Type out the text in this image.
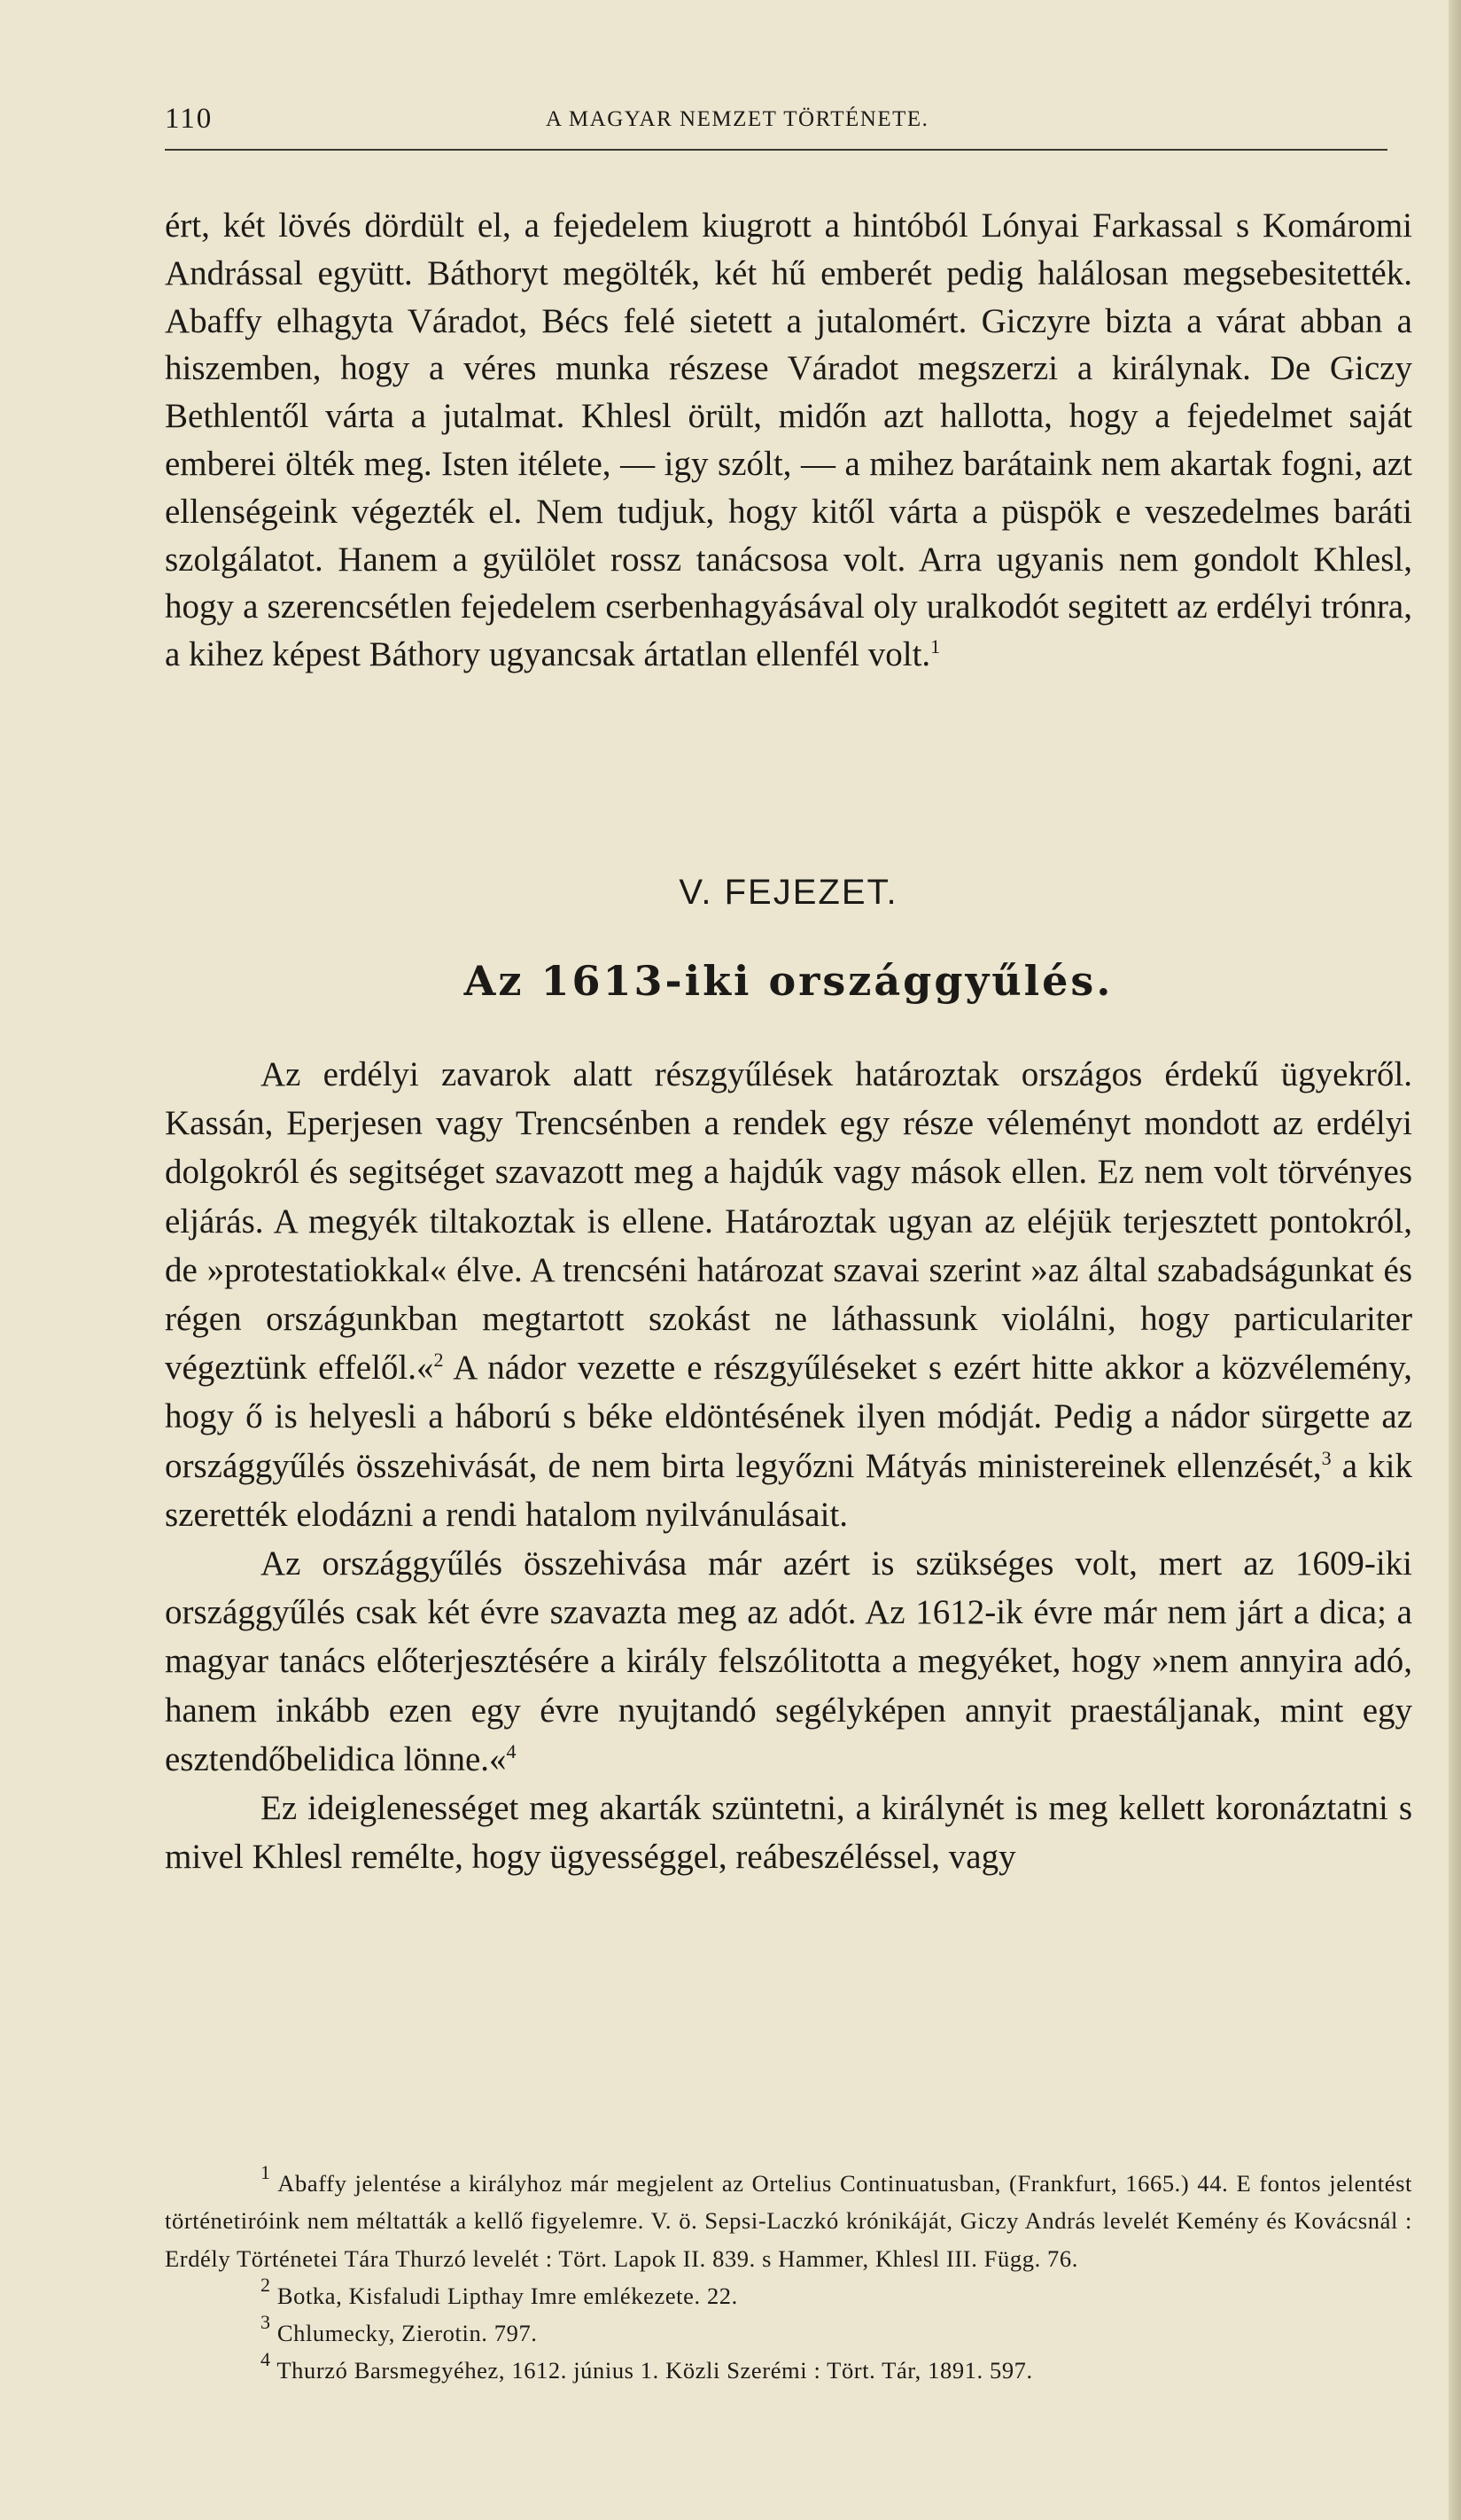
110	A MAGYAR NEMZET TÖRTÉNETE.

ért, két lövés dördült el, a fejedelem kiugrott a hintóból Lónyai Farkassal s Komáromi Andrással együtt. Báthoryt megölték, két hű emberét pedig halálosan megsebesitették. Abaffy elhagyta Váradot, Bécs felé sietett a jutalomért. Giczyre bizta a várat abban a hiszemben, hogy a véres munka részese Váradot megszerzi a királynak. De Giczy Bethlentől várta a jutalmat. Khlesl örült, midőn azt hallotta, hogy a fejedelmet saját emberei ölték meg. Isten itélete, — igy szólt, — a mihez barátaink nem akartak fogni, azt ellenségeink végezték el. Nem tudjuk, hogy kitől várta a püspök e veszedelmes baráti szolgálatot. Hanem a gyülölet rossz tanácsosa volt. Arra ugyanis nem gondolt Khlesl, hogy a szerencsétlen fejedelem cserbenhagyásával oly uralkodót segitett az erdélyi trónra, a kihez képest Báthory ugyancsak ártatlan ellenfél volt.$^1$

V. FEJEZET.
Az 1613-iki országgyűlés.

Az erdélyi zavarok alatt részgyűlések határoztak országos érdekű ügyekről. Kassán, Eperjesen vagy Trencsénben a rendek egy része véleményt mondott az erdélyi dolgokról és segitséget szavazott meg a hajdúk vagy mások ellen. Ez nem volt törvényes eljárás. A megyék tiltakoztak is ellene. Határoztak ugyan az eléjük terjesztett pontokról, de »protestatiokkal« élve. A trencséni határozat szavai szerint »az által szabadságunkat és régen országunkban megtartott szokást ne láthassunk violálni, hogy particulariter végeztünk effelől.«$^2$ A nádor vezette e részgyűléseket s ezért hitte akkor a közvélemény, hogy ő is helyesli a háború s béke eldöntésének ilyen módját. Pedig a nádor sürgette az országgyűlés összehivását, de nem birta legyőzni Mátyás ministereinek ellenzését,$^3$ a kik szerették elodázni a rendi hatalom nyilvánulásait.

Az országgyűlés összehivása már azért is szükséges volt, mert az 1609-iki országgyűlés csak két évre szavazta meg az adót. Az 1612-ik évre már nem járt a dica; a magyar tanács előterjesztésére a király felszólitotta a megyéket, hogy »nem annyira adó, hanem inkább ezen egy évre nyujtandó segélyképen annyit praestáljanak, mint egy esztendőbelidica lönne.«$^4$

Ez ideiglenességet meg akarták szüntetni, a királynét is meg kellett koronáztatni s mivel Khlesl remélte, hogy ügyességgel, reábeszéléssel, vagy

$^1$ Abaffy jelentése a királyhoz már megjelent az Ortelius Continuatusban, (Frankfurt, 1665.) 44. E fontos jelentést történetiróink nem méltatták a kellő figyelemre. V. ö. Sepsi-Laczkó krónikáját, Giczy András levelét Kemény és Kovácsnál : Erdély Történetei Tára Thurzó levelét : Tört. Lapok II. 839. s Hammer, Khlesl III. Függ. 76.

$^2$ Botka, Kisfaludi Lipthay Imre emlékezete. 22.

$^3$ Chlumecky, Zierotin. 797.

$^4$ Thurzó Barsmegyéhez, 1612. június 1. Közli Szerémi : Tört. Tár, 1891. 597.
